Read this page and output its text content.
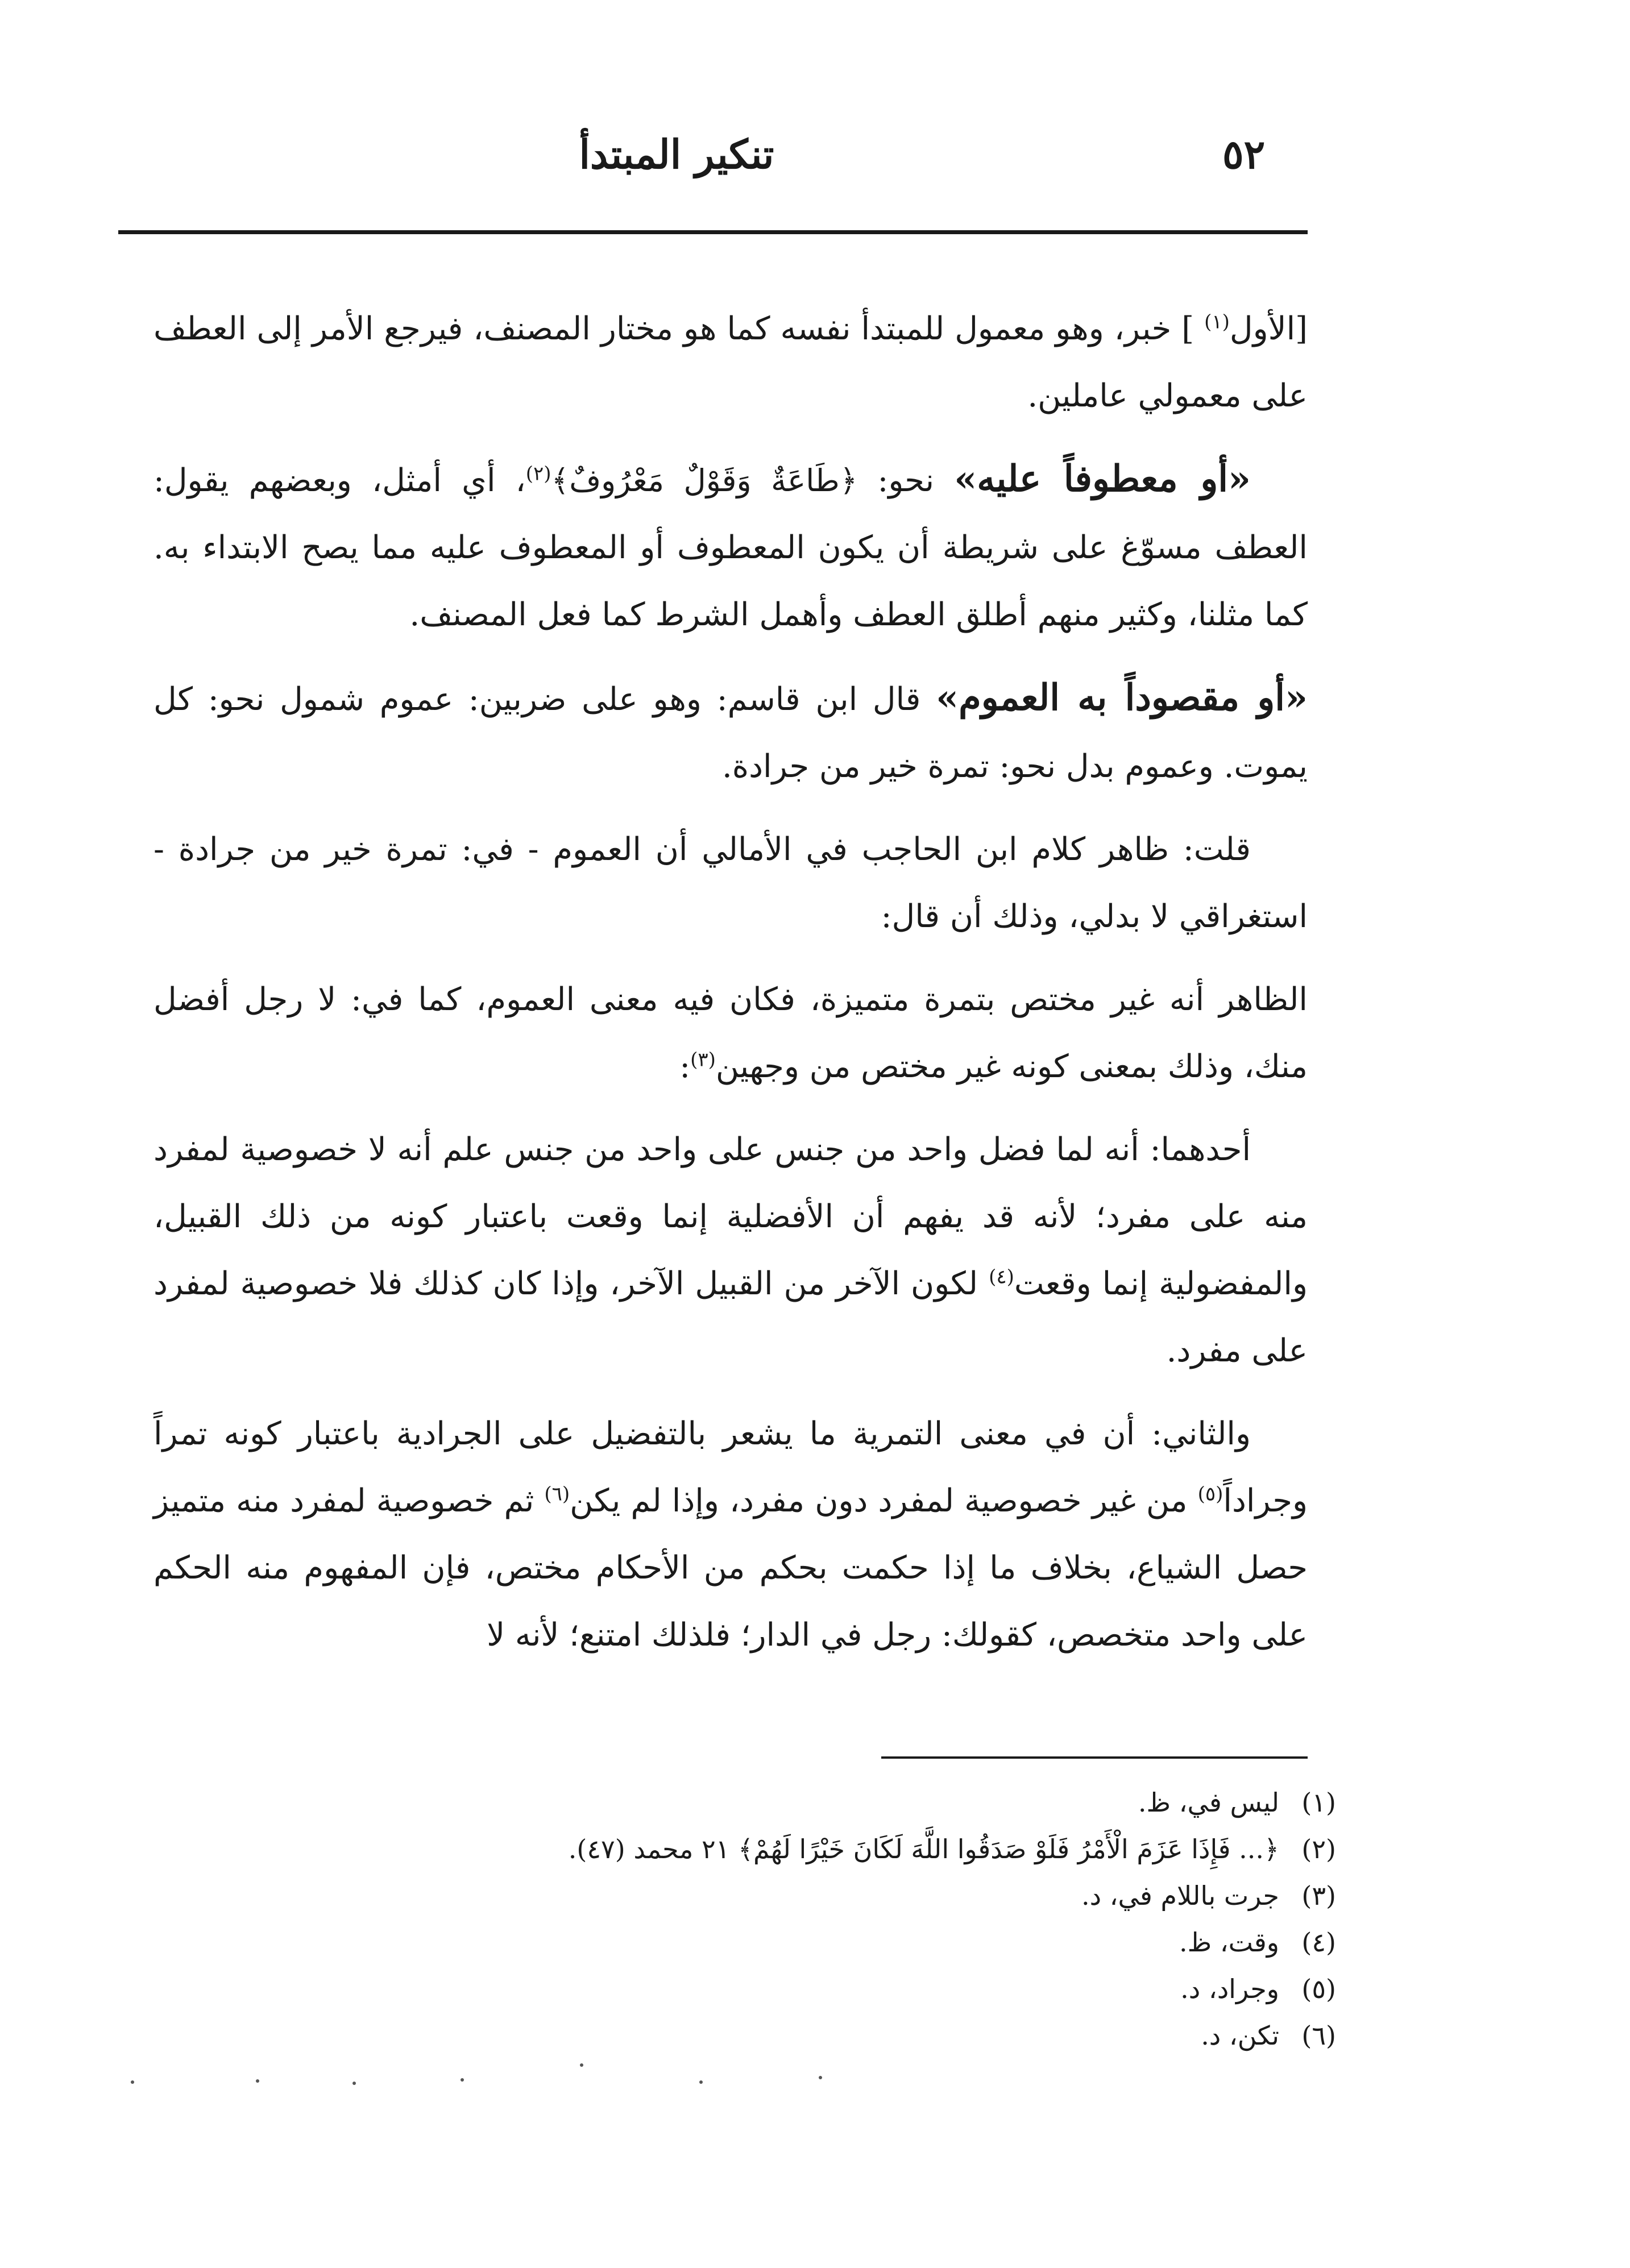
٥٢
تنكير المبتدأ

[الأول$^{(١)}$ ] خبر، وهو معمول للمبتدأ نفسه كما هو مختار المصنف، فيرجع الأمر إلى العطف على معمولي عاملين.

«أو معطوفاً عليه» نحو: ﴿طَاعَةٌ وَقَوْلٌ مَعْرُوفٌ﴾$^{(٢)}$، أي أمثل، وبعضهم يقول: العطف مسوّغ على شريطة أن يكون المعطوف أو المعطوف عليه مما يصح الابتداء به. كما مثلنا، وكثير منهم أطلق العطف وأهمل الشرط كما فعل المصنف.

«أو مقصوداً به العموم» قال ابن قاسم: وهو على ضربين: عموم شمول نحو: كل يموت. وعموم بدل نحو: تمرة خير من جرادة.

قلت: ظاهر كلام ابن الحاجب في الأمالي أن العموم - في: تمرة خير من جرادة - استغراقي لا بدلي، وذلك أن قال:

الظاهر أنه غير مختص بتمرة متميزة، فكان فيه معنى العموم، كما في: لا رجل أفضل منك، وذلك بمعنى كونه غير مختص من وجهين$^{(٣)}$:

أحدهما: أنه لما فضل واحد من جنس على واحد من جنس علم أنه لا خصوصية لمفرد منه على مفرد؛ لأنه قد يفهم أن الأفضلية إنما وقعت باعتبار كونه من ذلك القبيل، والمفضولية إنما وقعت$^{(٤)}$ لكون الآخر من القبيل الآخر، وإذا كان كذلك فلا خصوصية لمفرد على مفرد.

والثاني: أن في معنى التمرية ما يشعر بالتفضيل على الجرادية باعتبار كونه تمراً وجراداً$^{(٥)}$ من غير خصوصية لمفرد دون مفرد، وإذا لم يكن$^{(٦)}$ ثم خصوصية لمفرد منه متميز حصل الشياع، بخلاف ما إذا حكمت بحكم من الأحكام مختص، فإن المفهوم منه الحكم على واحد متخصص، كقولك: رجل في الدار؛ فلذلك امتنع؛ لأنه لا

(١)ليس في، ظ.
(٢)﴿... فَإِذَا عَزَمَ الْأَمْرُ فَلَوْ صَدَقُوا اللَّهَ لَكَانَ خَيْرًا لَهُمْ﴾ ٢١ محمد (٤٧).
(٣)جرت باللام في، د.
(٤)وقت، ظ.
(٥)وجراد، د.
(٦)تكن، د.
